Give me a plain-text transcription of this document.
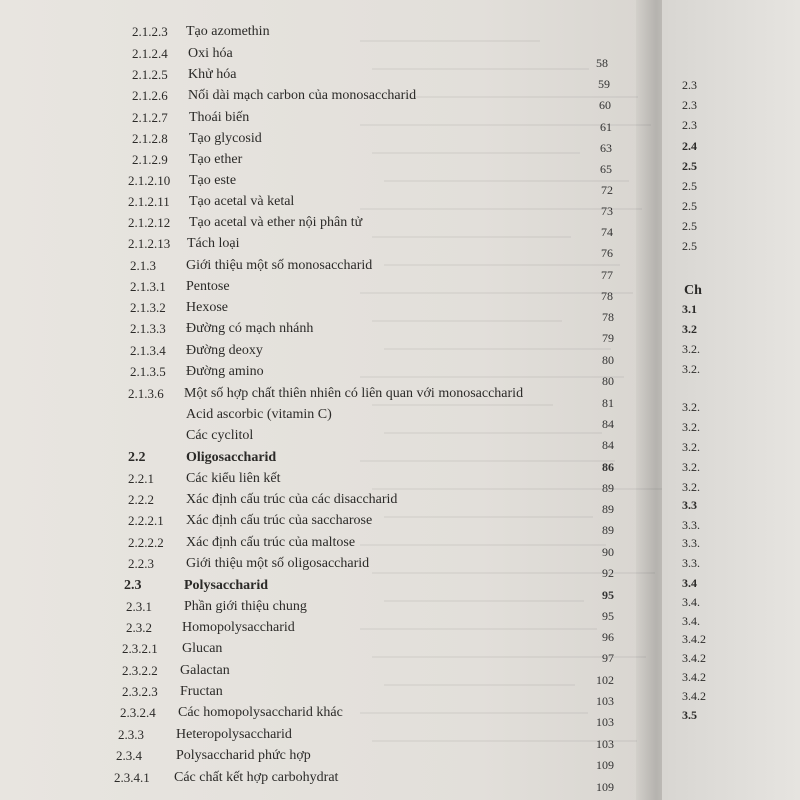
2.1.2.3 Tạo azomethin
2.1.2.4 Oxi hóa
58
2.1.2.5 Khử hóa
59
2.1.2.6 Nối dài mạch carbon của monosaccharid
60
2.1.2.7 Thoái biến
61
2.1.2.8 Tạo glycosid
63
2.1.2.9 Tạo ether
65
2.1.2.10 Tạo este
72
2.1.2.11 Tạo acetal và ketal
73
2.1.2.12 Tạo acetal và ether nội phân tử
74
2.1.2.13 Tách loại
76
2.1.3 Giới thiệu một số monosaccharid
77
2.1.3.1 Pentose
78
2.1.3.2 Hexose
78
2.1.3.3 Đường có mạch nhánh
79
2.1.3.4 Đường deoxy
80
2.1.3.5 Đường amino
80
2.1.3.6 Một số hợp chất thiên nhiên có liên quan với monosaccharid
81
Acid ascorbic (vitamin C)
84
Các cyclitol
84
2.2	Oligosaccharid
86
2.2.1 Các kiểu liên kết
89
2.2.2 Xác định cấu trúc của các disaccharid
89
2.2.2.1 Xác định cấu trúc của saccharose
89
2.2.2.2 Xác định cấu trúc của maltose
90
2.2.3 Giới thiệu một số oligosaccharid
92
2.3	Polysaccharid
95
2.3.1 Phần giới thiệu chung
95
2.3.2 Homopolysaccharid
96
2.3.2.1 Glucan
97
2.3.2.2 Galactan
102
2.3.2.3 Fructan
103
2.3.2.4 Các homopolysaccharid khác
103
2.3.3 Heteropolysaccharid
103
2.3.4 Polysaccharid phức hợp
109
2.3.4.1 Các chất kết hợp carbohydrat
109
2.3
2.3
2.3
2.4
2.5
2.5
2.5
2.5
2.5
Ch
3.1
3.2
3.2.
3.2.
3.2.
3.2.
3.2.
3.2.
3.2.
3.3
3.3.
3.3.
3.3.
3.4
3.4.
3.4.
3.4.2
3.4.2
3.4.2
3.4.2
3.5
